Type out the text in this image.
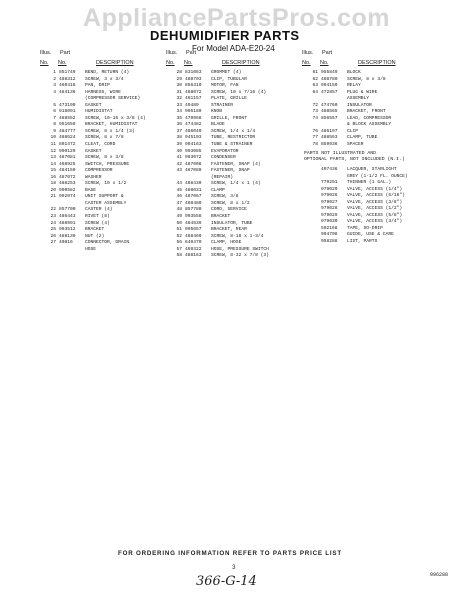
AppliancePartsPros.com
DEHUMIDIFIER PARTS
For Model ADA-E20-24
Illus.
No. No.	DESCRIPTION
Part
1 851749	BEND, RETURN (4)
2 488312	SCREW, 3 x 3/4
3 460416	PAN, DRIP
4 484136	HARNESS, WIRE
(COMPRESSOR SERVICE)
5 473190	GASKET
6 918091	HUMIDISTAT
7 488552	SCREW, 10-16 x 3/8 (4)
8 951659	BRACKET, HUMIDISTAT
9 484777	SCREW, 8 x 1/4 (3)
10 488624	SCREW, 8 x 7/8
11 801472	CLEAT, CORD
12 990129	GASKET
13 487081	SCREW, 8 x 3/8
14 468925	SWITCH, PRESSURE
15 484150	COMPRESSOR
16 487072	WASHER
18 488253	SCREW, 10 x 1/2
20 990582	BASE
21 992074	UNIT SUPPORT &
CASTER ASSEMBLY
22 857700	CASTER (4)
23 486443	RIVET (8)
24 488991	SCREW (4)
25 993512	BRACKET
26 488130	NUT (2)
27 40816	CONNECTOR, DRAIN
HOSE
Illus.
No. No.	DESCRIPTION
Part
28 831083	GROMMET (4)
29 488703	CLIP, TUBULAR
30 856310	MOTOR, FAN
31 488072	SCREW, 10 x 7/16 (4)
32 461157	PLATE, GRILLE
33 49489	STRAINER
34 995180	KNOB
35 470958	GRILLE, FRONT
36 474482	BLADE
37 486040	SCREW, 1/4 x 1/4
38 945103	TUBE, RESTRICTOR
39 994163	TUBE & STRAINER
40 993085	EVAPORATOR
41 993072	CONDENSER
42 487008	FASTENER, SNAP (4)
43 467089	FASTENER, SNAP
(REPAIR)
44 488430	SCREW, 1/4 x 1 (4)
45 488031	CLAMP
46 487067	SCREW, 3/8
47 488480	SCREW, 8 x 1/2
48 857780	CORD, SERVICE
49 993558	BRACKET
50 484539	INSULATOR, TUBE
51 995657	BRACKET, REAR
52 488469	SCREW, 8-18 x 1-3/4
56 640470	CLAMP, HOSE
57 469322	HOSE, PRESSURE SWITCH
58 488163	SCREW, 8-32 x 7/8 (3)
Illus.
No. No.	DESCRIPTION
Part
61 955849	BLOCK
62 488780	SCREW, 8 x 3/8
63 994159	RELAY
64 472857	PLUG & WIRE
ASSEMBLY
72 474760	INSULATOR
73 488565	BRACKET, FRONT
74 856557	LEAD, COMPRESSOR
& BLOCK ASSEMBLY
76 486197	CLIP
77 488563	CLAMP, TUBE
78 859936	SPACER
PARTS NOT ILLUSTRATED AND
OPTIONAL PARTS, NOT INCLUDED (N.I.)
407436	LACQUER, STARLIGHT
GREY (1-1/2 FL. OUNCE)
779251	THINNER (1 GAL.)
979029	VALVE, ACCESS (1/4")
979026	VALVE, ACCESS (5/16")
979027	VALVE, ACCESS (3/8")
979028	VALVE, ACCESS (1/2")
979029	VALVE, ACCESS (5/8")
979030	VALVE, ACCESS (3/4")
502168	TAPE, SO-DRIP
994708	GUIDE, USE & CARE
958288	LIST, PARTS
FOR ORDERING INFORMATION REFER TO PARTS PRICE LIST
3
996288
366-G-14
